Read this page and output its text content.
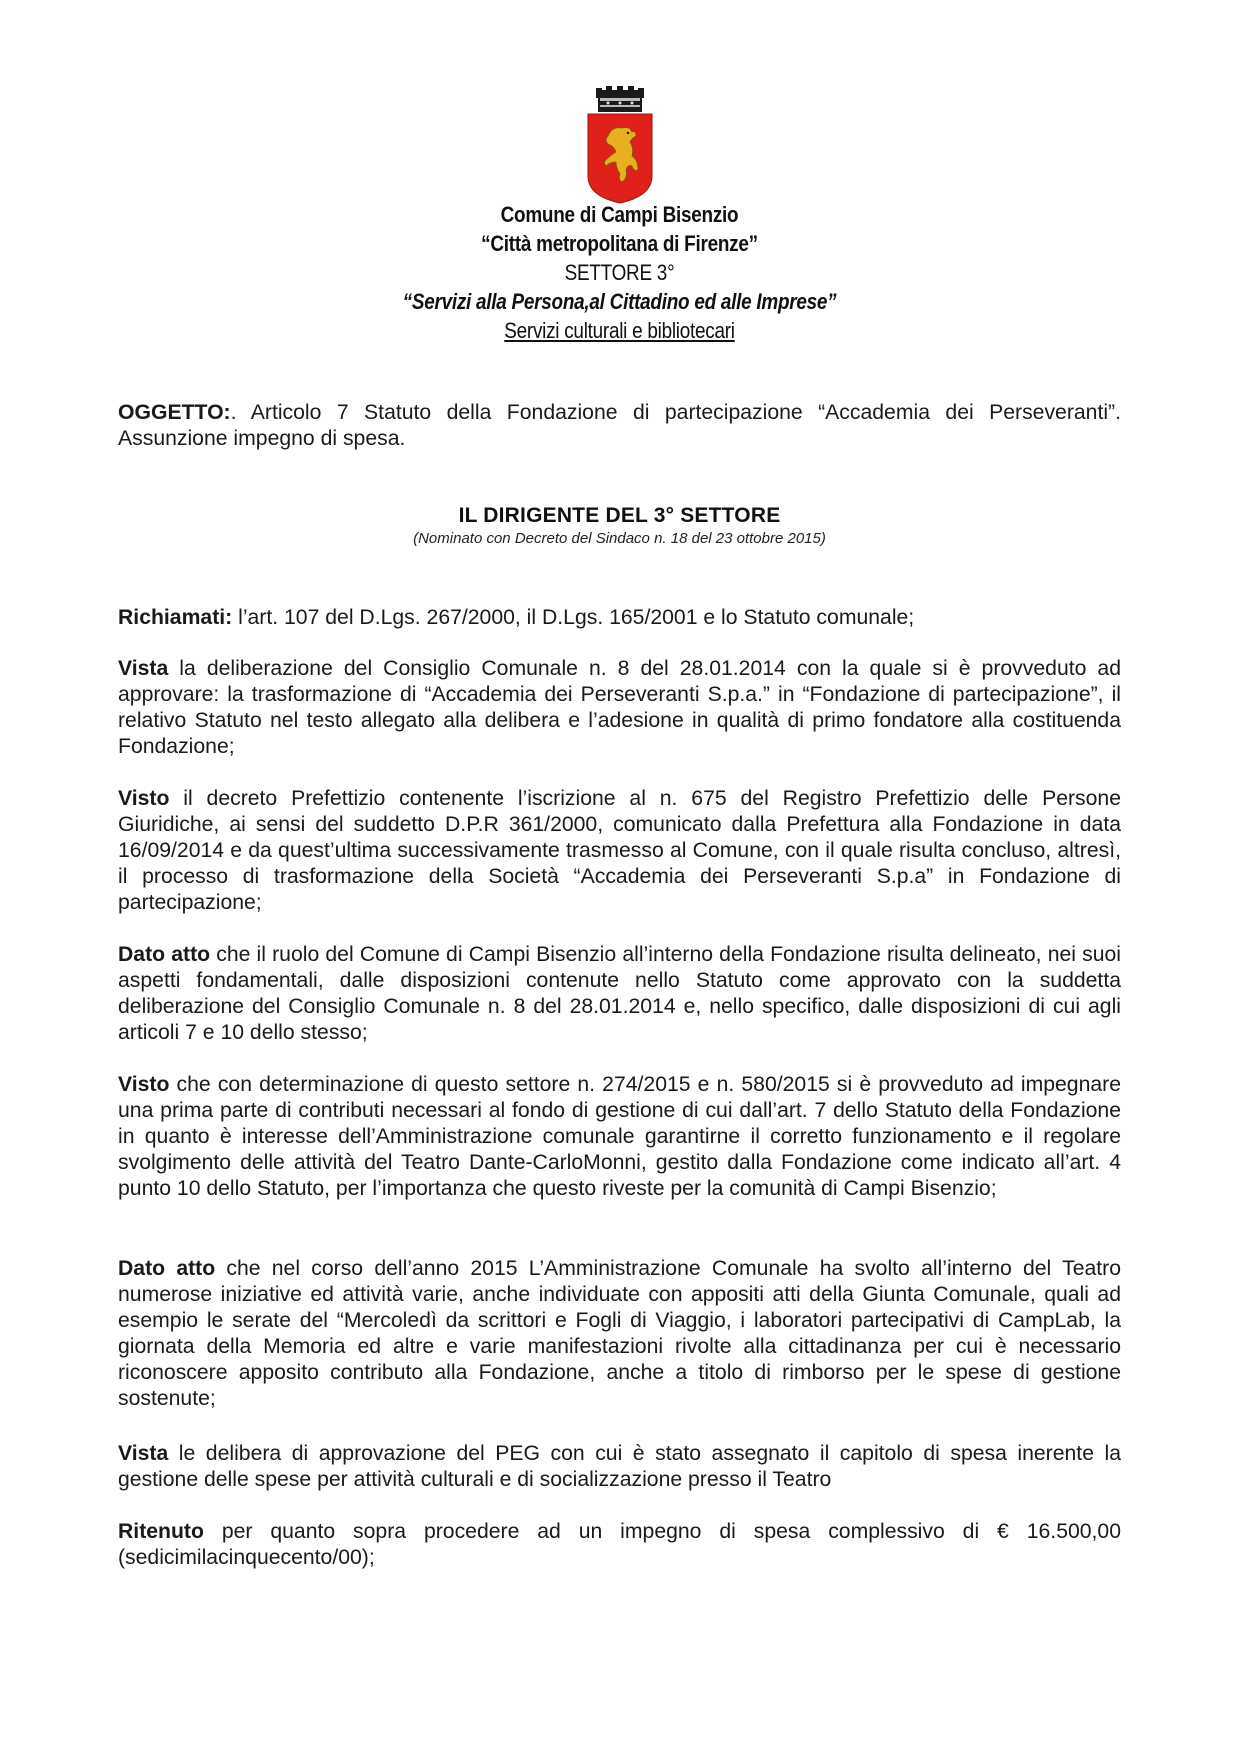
Comune di Campi Bisenzio
“Città metropolitana di Firenze”
SETTORE 3°
“Servizi alla Persona,al Cittadino ed alle Imprese”
Servizi culturali e bibliotecari
OGGETTO:. Articolo 7 Statuto della Fondazione di partecipazione “Accademia dei Perseveranti”. Assunzione impegno di spesa.
IL DIRIGENTE DEL 3° SETTORE
(Nominato con Decreto del Sindaco n. 18 del 23 ottobre 2015)
Richiamati: l’art. 107 del D.Lgs. 267/2000, il D.Lgs. 165/2001 e lo Statuto comunale;
Vista la deliberazione del Consiglio Comunale n. 8 del 28.01.2014 con la quale si è provveduto ad approvare: la trasformazione di “Accademia dei Perseveranti S.p.a.” in “Fondazione di partecipazione”, il relativo Statuto nel testo allegato alla delibera e l’adesione in qualità di primo fondatore alla costituenda Fondazione;
Visto il decreto Prefettizio contenente l’iscrizione al n. 675 del Registro Prefettizio delle Persone Giuridiche, ai sensi del suddetto D.P.R 361/2000, comunicato dalla Prefettura alla Fondazione in data 16/09/2014 e da quest’ultima successivamente trasmesso al Comune, con il quale risulta concluso, altresì, il processo di trasformazione della Società “Accademia dei Perseveranti S.p.a” in Fondazione di partecipazione;
Dato atto che il ruolo del Comune di Campi Bisenzio all’interno della Fondazione risulta delineato, nei suoi aspetti fondamentali, dalle disposizioni contenute nello Statuto come approvato con la suddetta deliberazione del Consiglio Comunale n. 8 del 28.01.2014 e, nello specifico, dalle disposizioni di cui agli articoli 7 e 10 dello stesso;
Visto che con determinazione di questo settore n. 274/2015 e n. 580/2015 si è provveduto ad impegnare una prima parte di contributi necessari al fondo di gestione di cui dall’art. 7 dello Statuto della Fondazione in quanto è interesse dell’Amministrazione comunale garantirne il corretto funzionamento e il regolare svolgimento delle attività del Teatro Dante-CarloMonni, gestito dalla Fondazione come indicato all’art. 4 punto 10 dello Statuto, per l’importanza che questo riveste per la comunità di Campi Bisenzio;
Dato atto che nel corso dell’anno 2015 L’Amministrazione Comunale ha svolto all’interno del Teatro numerose iniziative ed attività varie, anche individuate con appositi atti della Giunta Comunale, quali ad esempio le serate del “Mercoledì da scrittori e Fogli di Viaggio, i laboratori partecipativi di CampLab, la giornata della Memoria ed altre e varie manifestazioni rivolte alla cittadinanza per cui è necessario riconoscere apposito contributo alla Fondazione, anche a titolo di rimborso per le spese di gestione sostenute;
Vista le delibera di approvazione del PEG con cui è stato assegnato il capitolo di spesa inerente la gestione delle spese per attività culturali e di socializzazione presso il Teatro
Ritenuto per quanto sopra procedere ad un impegno di spesa complessivo di € 16.500,00 (sedicimilacinquecento/00);
